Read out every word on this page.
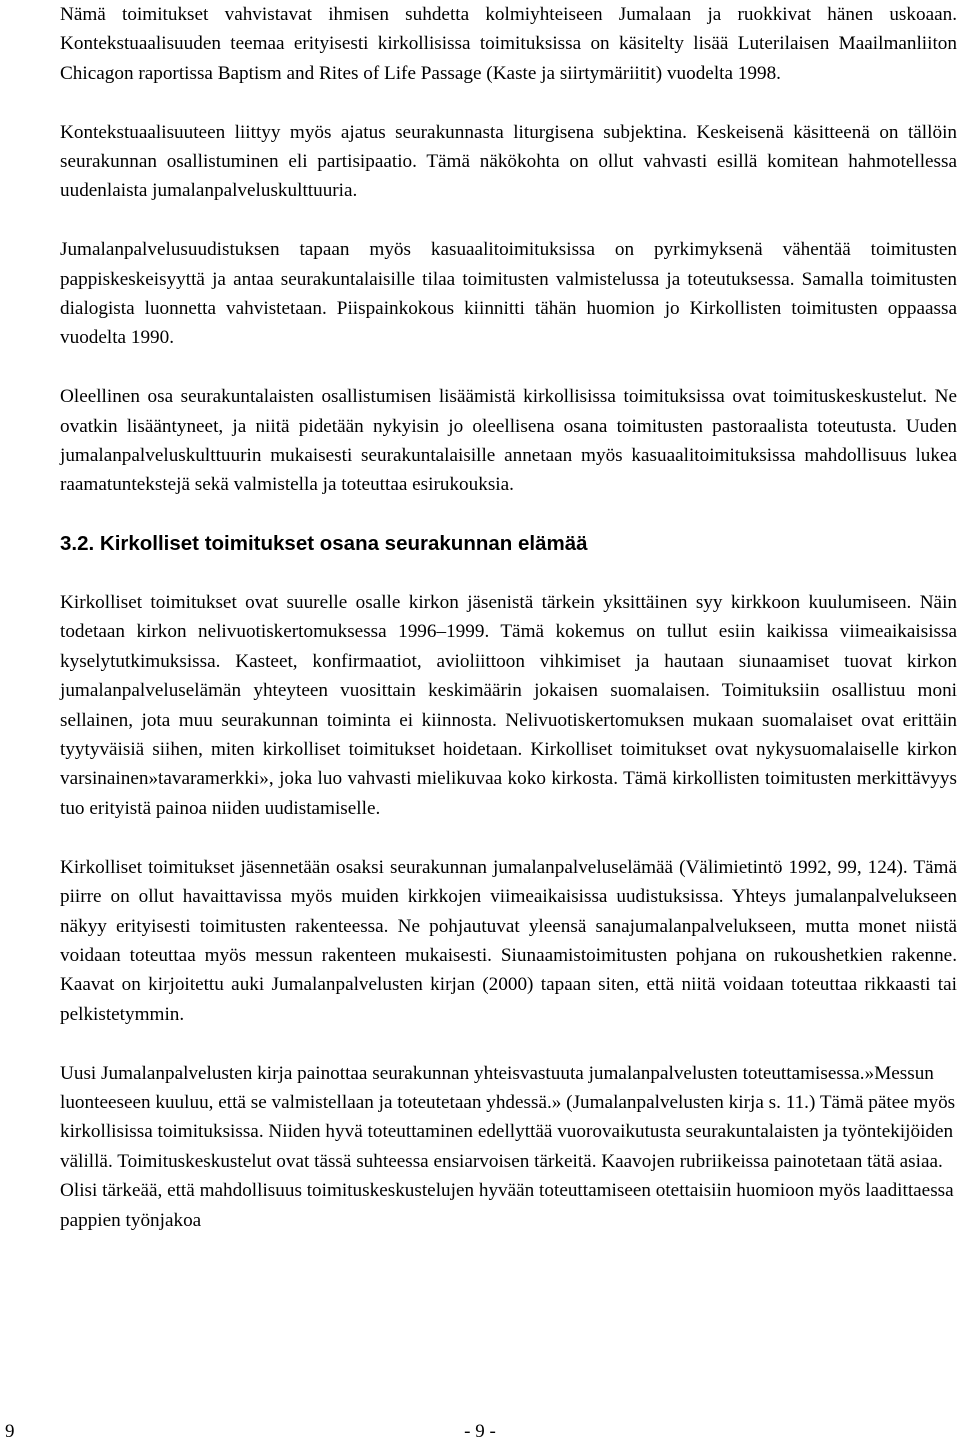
Nämä toimitukset vahvistavat ihmisen suhdetta kolmiyhteiseen Jumalaan ja ruokkivat hänen uskoaan. Kontekstuaalisuuden teemaa erityisesti kirkollisissa toimituksissa on käsitelty lisää Luterilaisen Maailmanliiton Chicagon raportissa Baptism and Rites of Life Passage (Kaste ja siirtymäriitit) vuodelta 1998.

Kontekstuaalisuuteen liittyy myös ajatus seurakunnasta liturgisena subjektina. Keskeisenä käsitteenä on tällöin seurakunnan osallistuminen eli partisipaatio. Tämä näkökohta on ollut vahvasti esillä komitean hahmotellessa uudenlaista jumalanpalveluskulttuuria.

Jumalanpalvelusuudistuksen tapaan myös kasuaalitoimituksissa on pyrkimyksenä vähentää toimitusten pappiskeskeisyyttä ja antaa seurakuntalaisille tilaa toimitusten valmistelussa ja toteutuksessa. Samalla toimitusten dialogista luonnetta vahvistetaan. Piispainkokous kiinnitti tähän huomion jo Kirkollisten toimitusten oppaassa vuodelta 1990.

Oleellinen osa seurakuntalaisten osallistumisen lisäämistä kirkollisissa toimituksissa ovat toimituskeskustelut. Ne ovatkin lisääntyneet, ja niitä pidetään nykyisin jo oleellisena osana toimitusten pastoraalista toteutusta. Uuden jumalanpalveluskulttuurin mukaisesti seurakuntalaisille annetaan myös kasuaalitoimituksissa mahdollisuus lukea raamatuntekstejä sekä valmistella ja toteuttaa esirukouksia.

3.2. Kirkolliset toimitukset osana seurakunnan elämää

Kirkolliset toimitukset ovat suurelle osalle kirkon jäsenistä tärkein yksittäinen syy kirkkoon kuulumiseen. Näin todetaan kirkon nelivuotiskertomuksessa 1996–1999. Tämä kokemus on tullut esiin kaikissa viimeaikaisissa kyselytutkimuksissa. Kasteet, konfirmaatiot, avioliittoon vihkimiset ja hautaan siunaamiset tuovat kirkon jumalanpalveluselämän yhteyteen vuosittain keskimäärin jokaisen suomalaisen. Toimituksiin osallistuu moni sellainen, jota muu seurakunnan toiminta ei kiinnosta. Nelivuotiskertomuksen mukaan suomalaiset ovat erittäin tyytyväisiä siihen, miten kirkolliset toimitukset hoidetaan. Kirkolliset toimitukset ovat nykysuomalaiselle kirkon varsinainen»tavaramerkki», joka luo vahvasti mielikuvaa koko kirkosta. Tämä kirkollisten toimitusten merkittävyys tuo erityistä painoa niiden uudistamiselle.

Kirkolliset toimitukset jäsennetään osaksi seurakunnan jumalanpalveluselämää (Välimietintö 1992, 99, 124). Tämä piirre on ollut havaittavissa myös muiden kirkkojen viimeaikaisissa uudistuksissa. Yhteys jumalanpalvelukseen näkyy erityisesti toimitusten rakenteessa. Ne pohjautuvat yleensä sanajumalanpalvelukseen, mutta monet niistä voidaan toteuttaa myös messun rakenteen mukaisesti. Siunaamistoimitusten pohjana on rukoushetkien rakenne. Kaavat on kirjoitettu auki Jumalanpalvelusten kirjan (2000) tapaan siten, että niitä voidaan toteuttaa rikkaasti tai pelkistetymmin.

Uusi Jumalanpalvelusten kirja painottaa seurakunnan yhteisvastuuta jumalanpalvelusten toteuttamisessa.»Messun luonteeseen kuuluu, että se valmistellaan ja toteutetaan yhdessä.» (Jumalanpalvelusten kirja s. 11.) Tämä pätee myös kirkollisissa toimituksissa. Niiden hyvä toteuttaminen edellyttää vuorovaikutusta seurakuntalaisten ja työntekijöiden välillä. Toimituskeskustelut ovat tässä suhteessa ensiarvoisen tärkeitä. Kaavojen rubriikeissa painotetaan tätä asiaa. Olisi tärkeää, että mahdollisuus toimituskeskustelujen hyvään toteuttamiseen otettaisiin huomioon myös laadittaessa pappien työnjakoa

9	- 9 -
